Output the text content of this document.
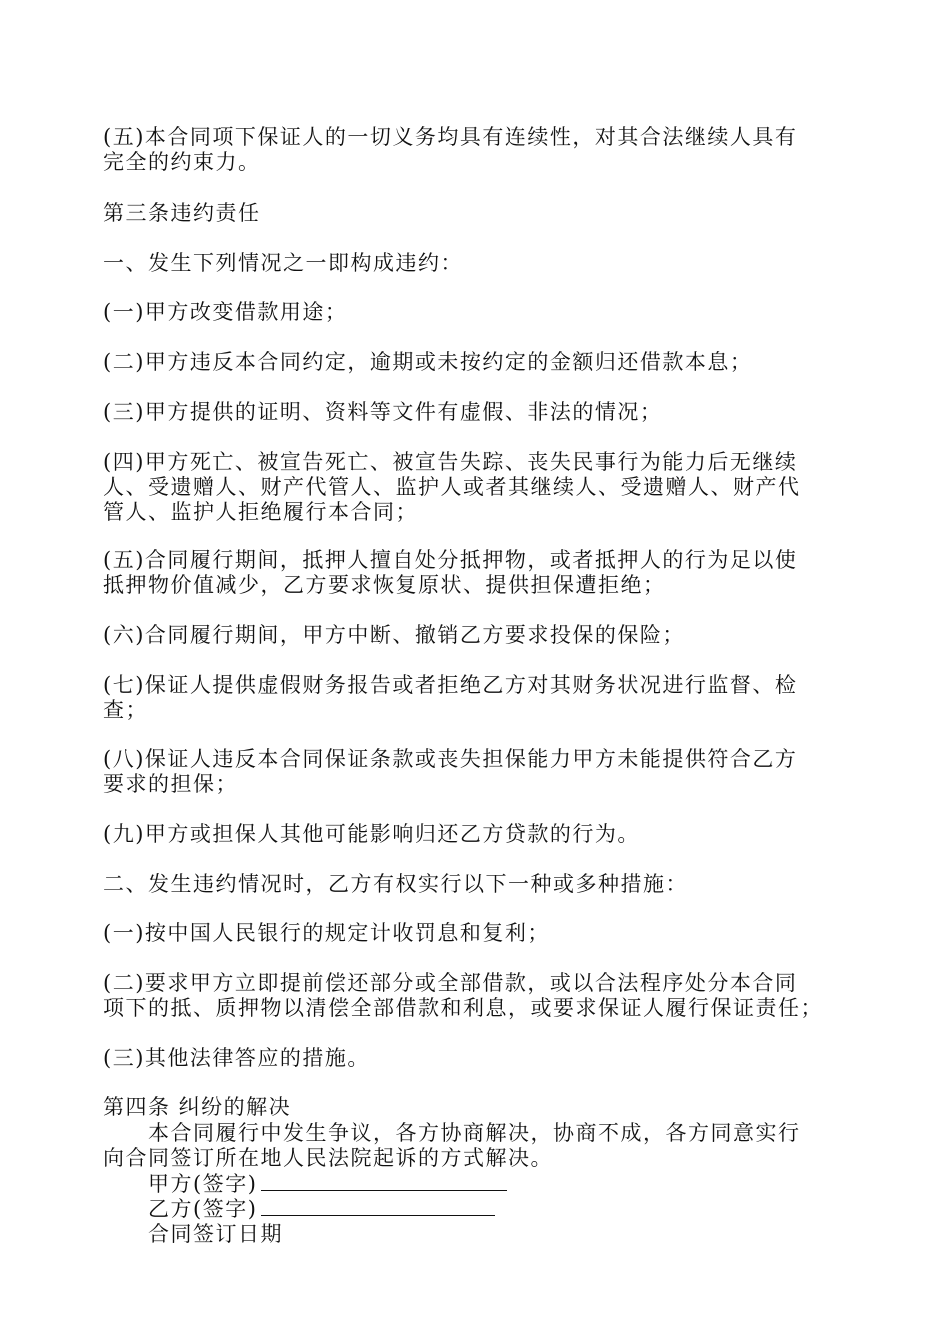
(五)本合同项下保证人的一切义务均具有连续性，对其合法继续人具有
完全的约束力。
第三条违约责任
一、发生下列情况之一即构成违约：
(一)甲方改变借款用途；
(二)甲方违反本合同约定，逾期或未按约定的金额归还借款本息；
(三)甲方提供的证明、资料等文件有虚假、非法的情况；
(四)甲方死亡、被宣告死亡、被宣告失踪、丧失民事行为能力后无继续
人、受遗赠人、财产代管人、监护人或者其继续人、受遗赠人、财产代
管人、监护人拒绝履行本合同；
(五)合同履行期间，抵押人擅自处分抵押物，或者抵押人的行为足以使
抵押物价值减少，乙方要求恢复原状、提供担保遭拒绝；
(六)合同履行期间，甲方中断、撤销乙方要求投保的保险；
(七)保证人提供虚假财务报告或者拒绝乙方对其财务状况进行监督、检
查；
(八)保证人违反本合同保证条款或丧失担保能力甲方未能提供符合乙方
要求的担保；
(九)甲方或担保人其他可能影响归还乙方贷款的行为。
二、发生违约情况时，乙方有权实行以下一种或多种措施：
(一)按中国人民银行的规定计收罚息和复利；
(二)要求甲方立即提前偿还部分或全部借款，或以合法程序处分本合同
项下的抵、质押物以清偿全部借款和利息，或要求保证人履行保证责任；
(三)其他法律答应的措施。
第四条 纠纷的解决
本合同履行中发生争议，各方协商解决，协商不成，各方同意实行
向合同签订所在地人民法院起诉的方式解决。
甲方(签字)
乙方(签字)
合同签订日期
